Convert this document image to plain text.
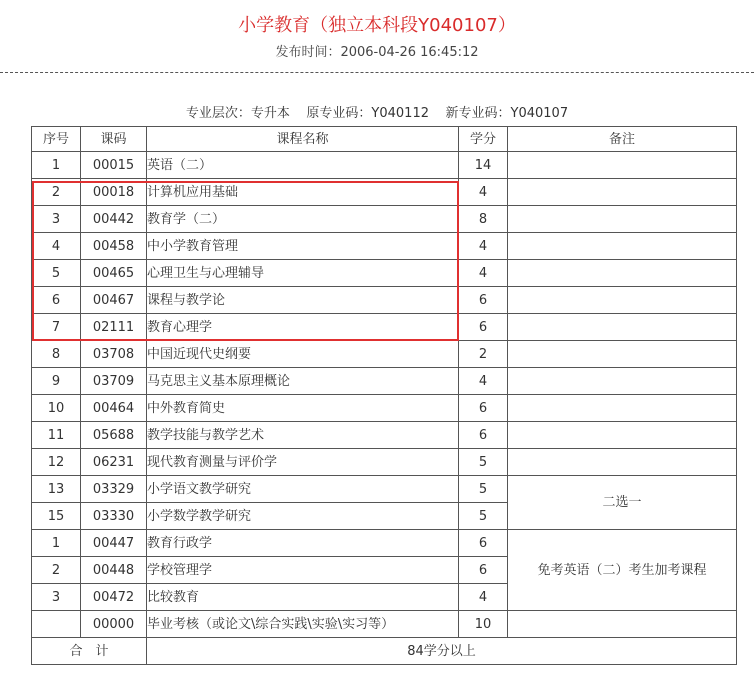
小学教育（独立本科段Y040107）
发布时间：2006-04-26 16:45:12
专业层次：专升本 原专业码：Y040112 新专业码：Y040107
序号	课码	课程名称	学分	备注
1	00015	英语（二）	14	
2	00018	计算机应用基础	4	
3	00442	教育学（二）	8	
4	00458	中小学教育管理	4	
5	00465	心理卫生与心理辅导	4	
6	00467	课程与教学论	6	
7	02111	教育心理学	6	
8	03708	中国近现代史纲要	2	
9	03709	马克思主义基本原理概论	4	
10	00464	中外教育简史	6	
11	05688	教学技能与教学艺术	6	
12	06231	现代教育测量与评价学	5	
13	03329	小学语文教学研究	5	二选一
15	03330	小学数学教学研究	5	
1	00447	教育行政学	6	免考英语（二）考生加考课程
2	00448	学校管理学	6	
3	00472	比较教育	4	
	00000	毕业考核（或论文\综合实践\实验\实习等）	10	
合　计		84学分以上		
